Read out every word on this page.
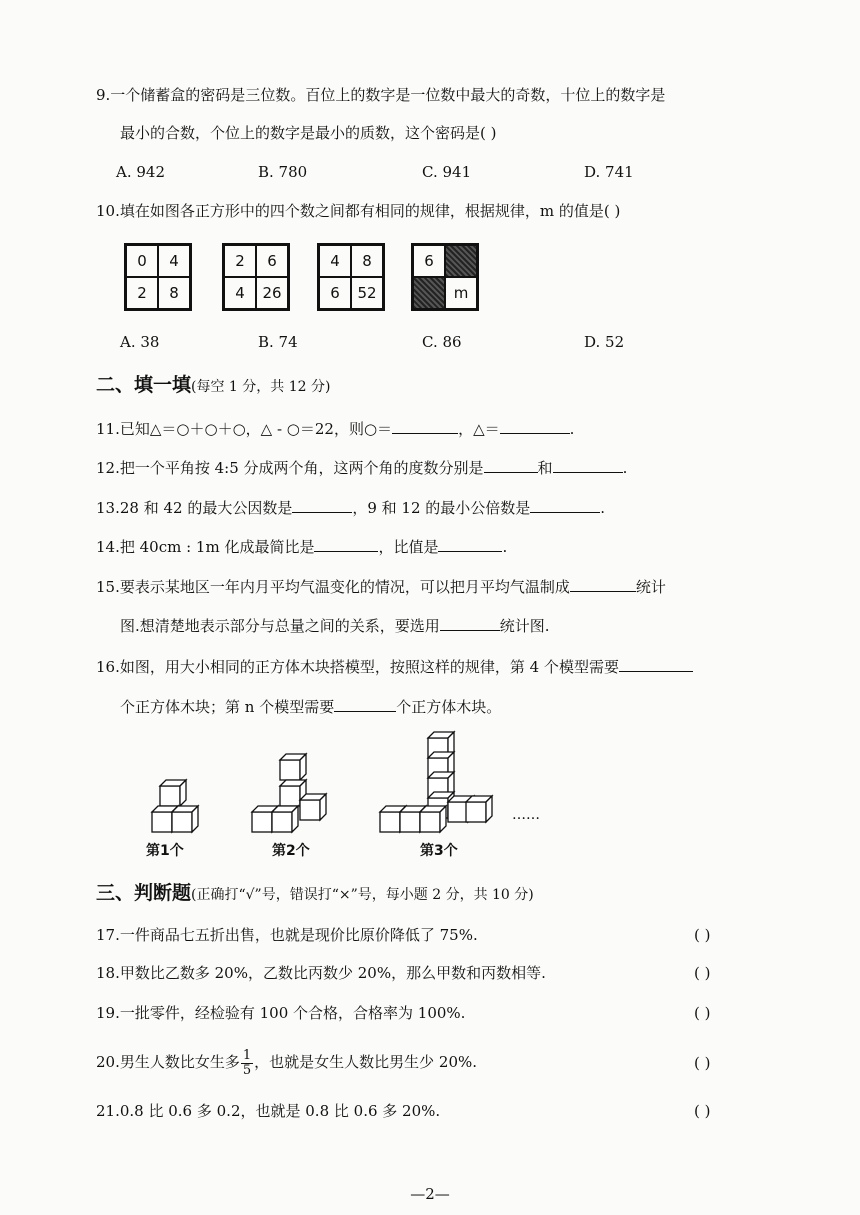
9.一个储蓄盒的密码是三位数。百位上的数字是一位数中最大的奇数，十位上的数字是
最小的合数，个位上的数字是最小的质数，这个密码是( )
A. 942	B. 780	C. 941	D. 741
10.填在如图各正方形中的四个数之间都有相同的规律，根据规律，m 的值是( )
0	4
2	8
2	6
4	26
4	8
6	52
6
m
A. 38	B. 74	C. 86	D. 52
二、填一填(每空 1 分，共 12 分)
11.已知△＝○＋○＋○，△ - ○＝22，则○＝	，△＝	.
12.把一个平角按 4:5 分成两个角，这两个角的度数分别是	和	.
13.28 和 42 的最大公因数是	，9 和 12 的最小公倍数是	.
14.把 40cm : 1m 化成最简比是	，比值是	.
15.要表示某地区一年内月平均气温变化的情况，可以把月平均气温制成	统计
图.想清楚地表示部分与总量之间的关系，要选用	统计图.
16.如图，用大小相同的正方体木块搭模型，按照这样的规律，第 4 个模型需要
个正方体木块；第 n 个模型需要	个正方体木块。
……
第1个	第2个	第3个
三、判断题(正确打“√”号，错误打“×”号，每小题 2 分，共 10 分)
17.一件商品七五折出售，也就是现价比原价降低了 75%.	( )
18.甲数比乙数多 20%，乙数比丙数少 20%，那么甲数和丙数相等.	( )
19.一批零件，经检验有 100 个合格，合格率为 100%.	( )
20.男生人数比女生多 $\frac{1}{5}$ ，也就是女生人数比男生少 20%.	( )
21.0.8 比 0.6 多 0.2，也就是 0.8 比 0.6 多 20%.	( )
—2—
